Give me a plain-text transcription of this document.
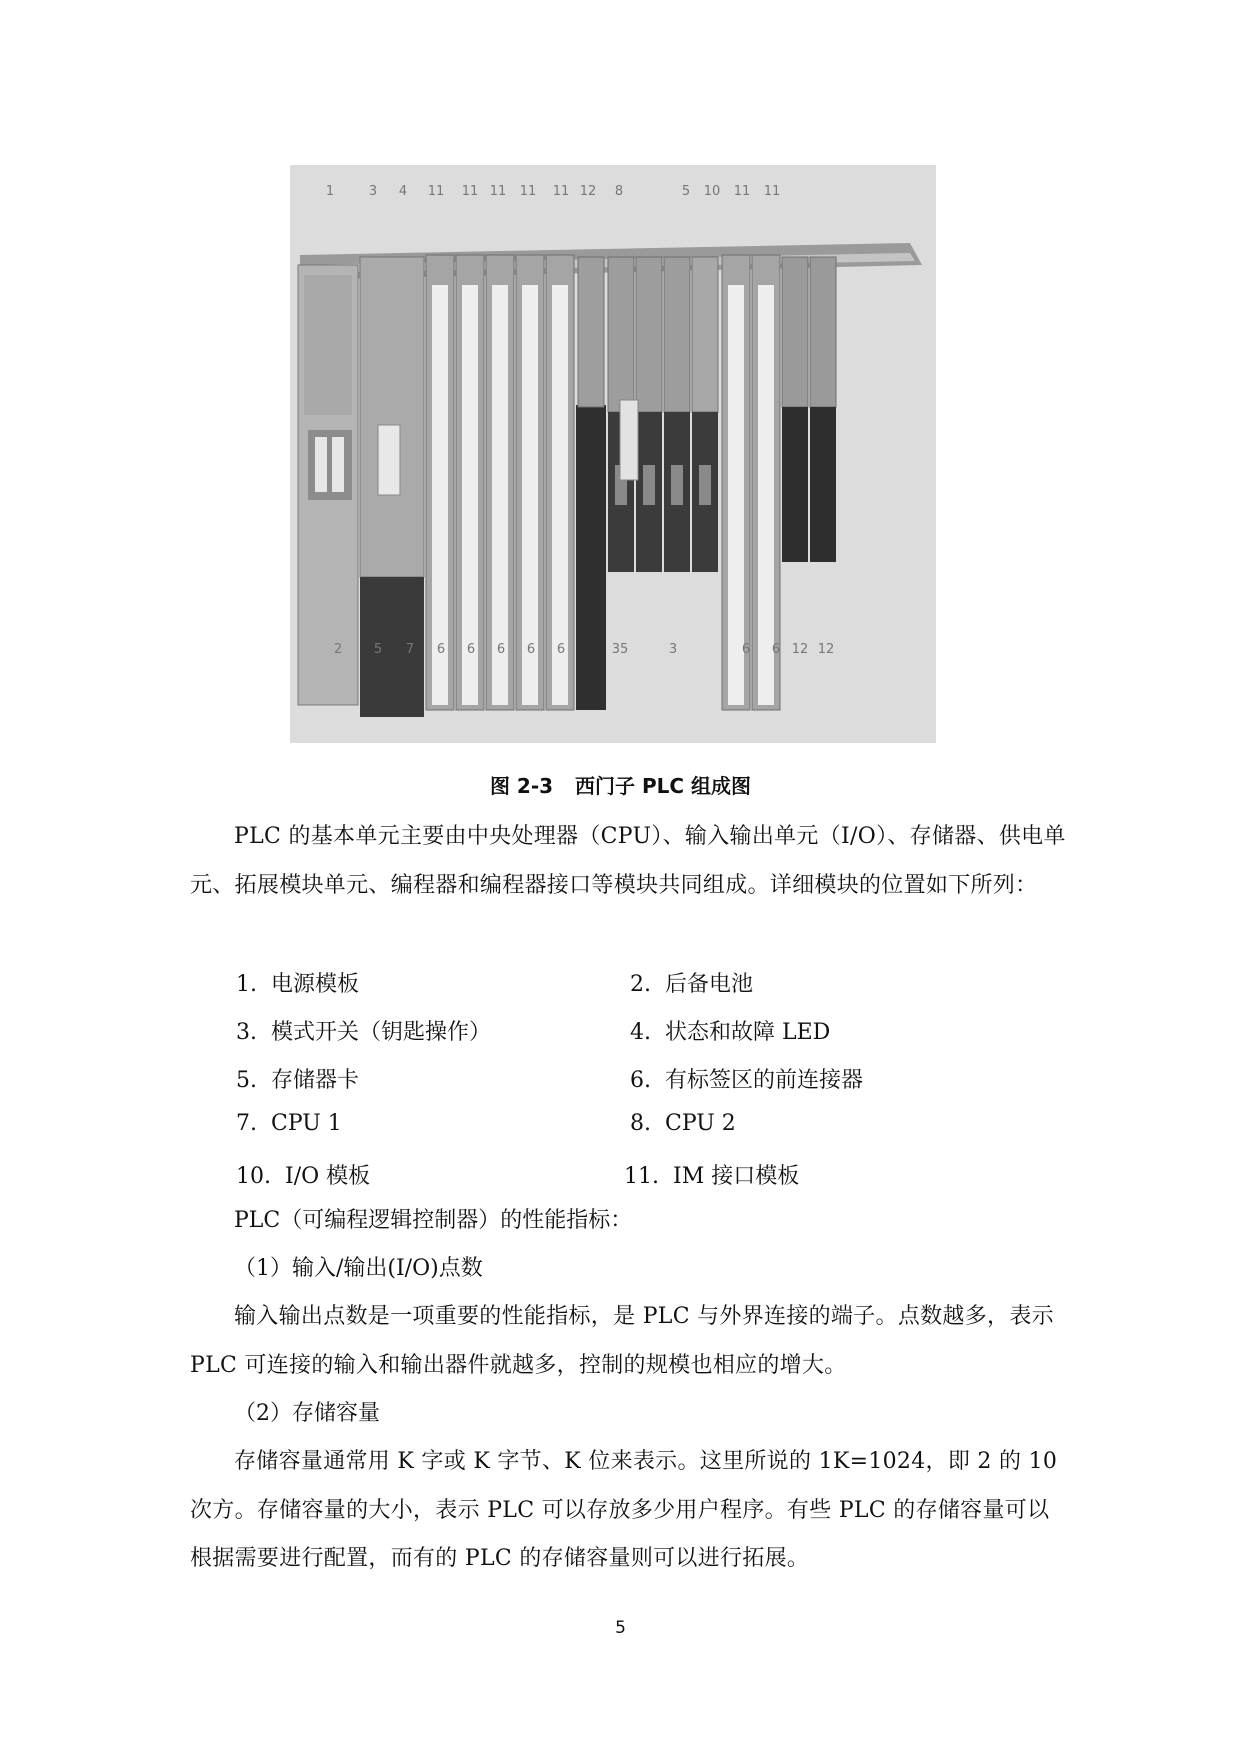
1	3 4 11 11 11 11 11 12 8	5 10 11 11
2 5 7 6 6 6 6 6	35	3	6 6 12 12
图 2-3 西门子 PLC 组成图
PLC 的基本单元主要由中央处理器（CPU）、输入输出单元（I/O）、存储器、供电单元、拓展模块单元、编程器和编程器接口等模块共同组成。详细模块的位置如下所列：
1. 电源模板	2. 后备电池
3. 模式开关（钥匙操作）	4. 状态和故障 LED
5. 存储器卡	6. 有标签区的前连接器
7. CPU 1	8. CPU 2
10. I/O 模板	11. IM 接口模板
PLC（可编程逻辑控制器）的性能指标：
（1）输入/输出(I/O)点数
输入输出点数是一项重要的性能指标，是 PLC 与外界连接的端子。点数越多，表示 PLC 可连接的输入和输出器件就越多，控制的规模也相应的增大。
（2）存储容量
存储容量通常用 K 字或 K 字节、K 位来表示。这里所说的 1K=1024，即 2 的 10 次方。存储容量的大小，表示 PLC 可以存放多少用户程序。有些 PLC 的存储容量可以根据需要进行配置，而有的 PLC 的存储容量则可以进行拓展。
5
